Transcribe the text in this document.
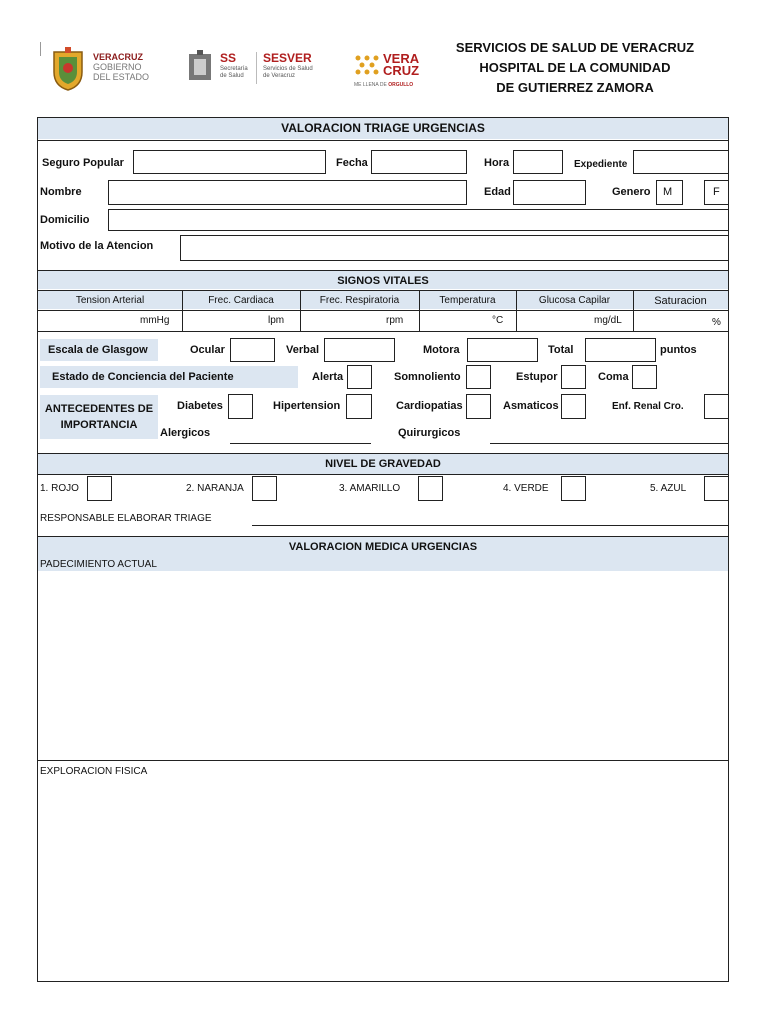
VERACRUZ
GOBIERNO
DEL ESTADO
SS
Secretaría
de Salud
SESVER
Servicios de Salud
de Veracruz
VERA
CRUZ
ME LLENA DE ORGULLO
SERVICIOS DE SALUD DE VERACRUZ
HOSPITAL DE LA COMUNIDAD
DE GUTIERREZ ZAMORA
VALORACION TRIAGE URGENCIAS
Seguro Popular	Fecha	Hora	Expediente
Nombre	Edad	Genero M	F
Domicilio
Motivo de la Atencion
SIGNOS VITALES
Tension Arterial	Frec. Cardiaca	Frec. Respiratoria	Temperatura	Glucosa Capilar	Saturacion
mmHg	lpm	rpm	°C	mg/dL	%
Escala de Glasgow	Ocular	Verbal	Motora	Total	puntos
Estado de Conciencia del Paciente	Alerta	Somnoliento	Estupor	Coma
ANTECEDENTES DE
IMPORTANCIA
Diabetes	Hipertension	Cardiopatias	Asmaticos	Enf. Renal Cro.
Alergicos	Quirurgicos
NIVEL DE GRAVEDAD
1. ROJO	2. NARANJA	3. AMARILLO	4. VERDE	5. AZUL
RESPONSABLE ELABORAR TRIAGE
VALORACION MEDICA URGENCIAS
PADECIMIENTO ACTUAL
EXPLORACION FISICA
